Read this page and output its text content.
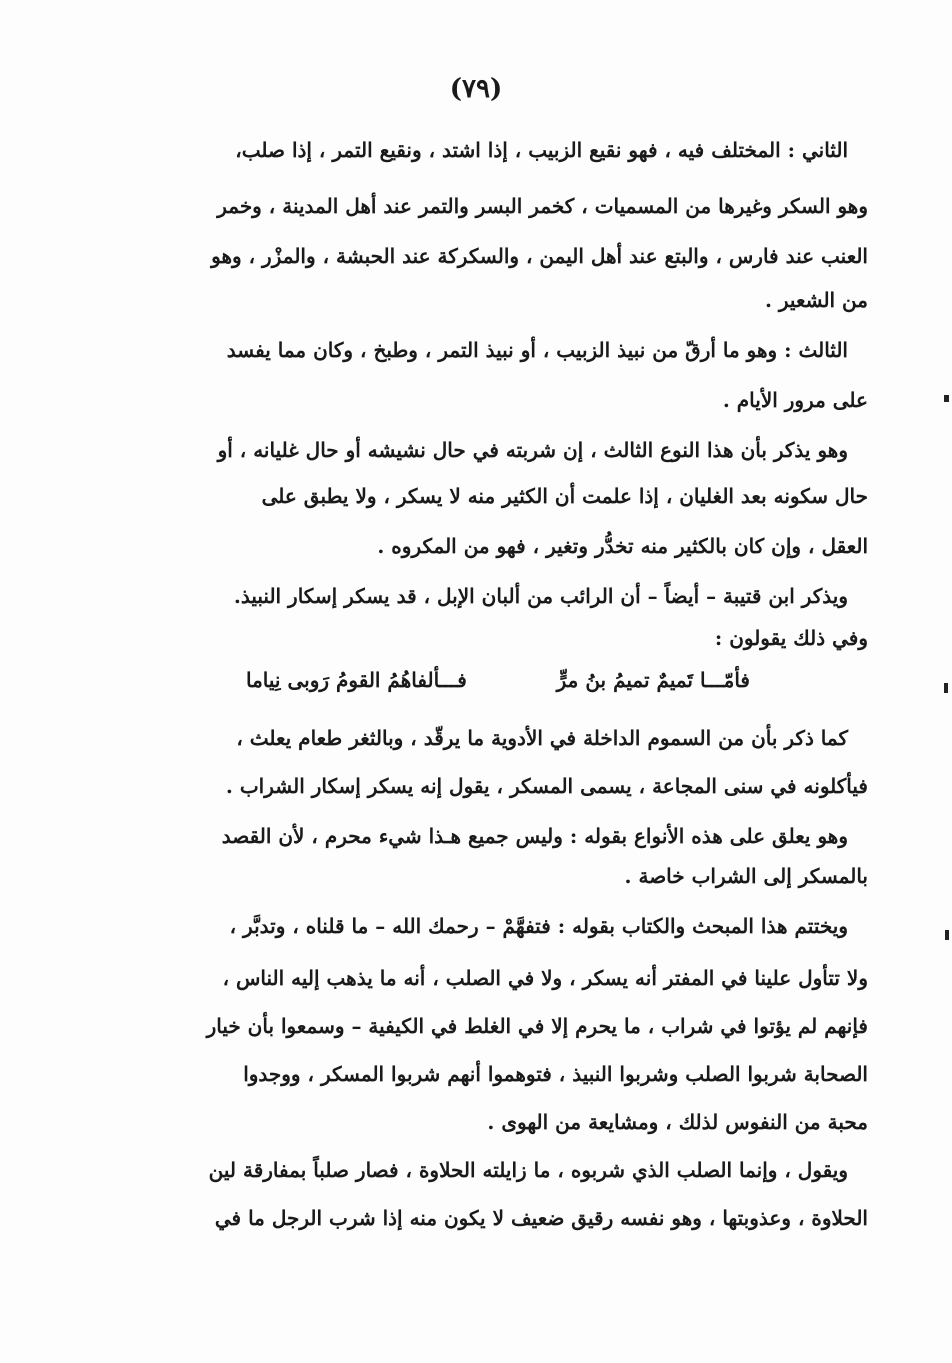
(٧٩)
الثاني : المختلف فيه ، فهو نقيع الزبيب ، إذا اشتد ، ونقيع التمر ، إذا صلب،
وهو السكر وغيرها من المسميات ، كخمر البسر والتمر عند أهل المدينة ، وخمر
العنب عند فارس ، والبتع عند أهل اليمن ، والسكركة عند الحبشة ، والمزْر ، وهو
من الشعير .
الثالث : وهو ما أرقّ من نبيذ الزبيب ، أو نبيذ التمر ، وطبخ ، وكان مما يفسد
على مرور الأيام .
وهو يذكر بأن هذا النوع الثالث ، إن شربته في حال نشيشه أو حال غليانه ، أو
حال سكونه بعد الغليان ، إذا علمت أن الكثير منه لا يسكر ، ولا يطبق على
العقل ، وإن كان بالكثير منه تخدُّر وتغير ، فهو من المكروه .
ويذكر ابن قتيبة – أيضاً – أن الرائب من ألبان الإبل ، قد يسكر إسكار النبيذ.
وفي ذلك يقولون :
كما ذكر بأن من السموم الداخلة في الأدوية ما يرقّد ، وبالثغر طعام يعلث ،
فيأكلونه في سنى المجاعة ، يسمى المسكر ، يقول إنه يسكر إسكار الشراب .
وهو يعلق على هذه الأنواع بقوله : وليس جميع هـذا شيء محرم ، لأن القصد
بالمسكر إلى الشراب خاصة .
ويختتم هذا المبحث والكتاب بقوله : فتفهَّمْ – رحمك الله – ما قلناه ، وتدبَّر ،
ولا تتأول علينا في المفتر أنه يسكر ، ولا في الصلب ، أنه ما يذهب إليه الناس ،
فإنهم لم يؤتوا في شراب ، ما يحرم إلا في الغلط في الكيفية – وسمعوا بأن خيار
الصحابة شربوا الصلب وشربوا النبيذ ، فتوهموا أنهم شربوا المسكر ، ووجدوا
محبة من النفوس لذلك ، ومشايعة من الهوى .
ويقول ، وإنما الصلب الذي شربوه ، ما زايلته الحلاوة ، فصار صلباً بمفارقة لين
الحلاوة ، وعذوبتها ، وهو نفسه رقيق ضعيف لا يكون منه إذا شرب الرجل ما في
فأمّـــا تَميمٌ تميمُ بنُ مرٍّ
فـــألفاهُمُ القومُ رَوبى نِياما
